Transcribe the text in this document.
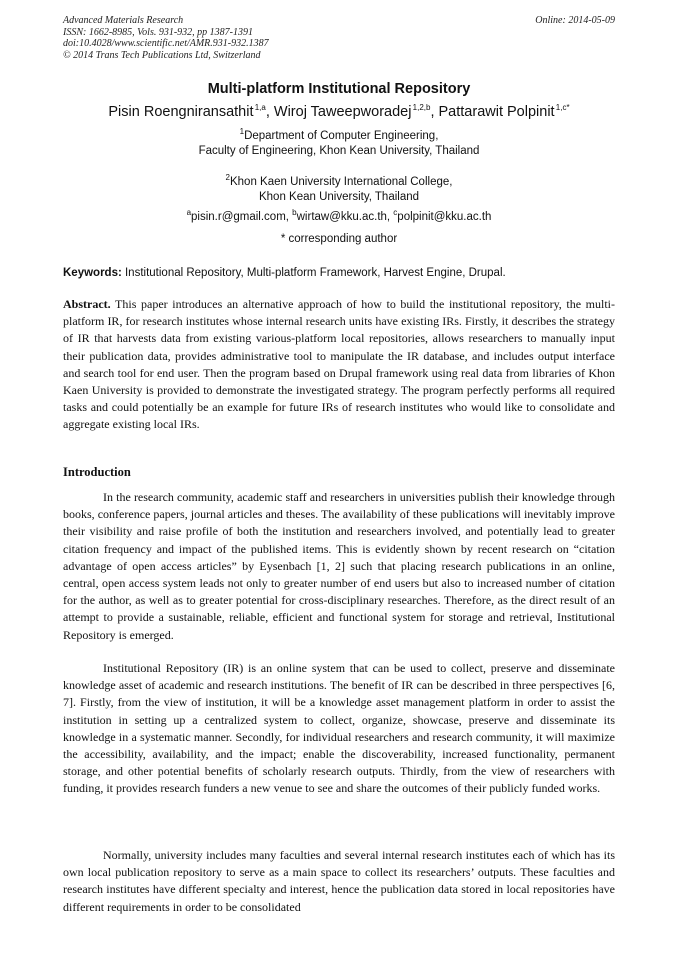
Advanced Materials Research
ISSN: 1662-8985, Vols. 931-932, pp 1387-1391
doi:10.4028/www.scientific.net/AMR.931-932.1387
© 2014 Trans Tech Publications Ltd, Switzerland
Online: 2014-05-09
Multi-platform Institutional Repository
Pisin Roengniransathit $^{1,a}$, Wiroj Taweepworadej $^{1,2,b}$, Pattarawit Polpinit $^{1,c*}$
$^1$Department of Computer Engineering,
Faculty of Engineering, Khon Kean University, Thailand
$^2$Khon Kaen University International College,
Khon Kean University, Thailand
$^a$pisin.r@gmail.com, $^b$wirtaw@kku.ac.th, $^c$polpinit@kku.ac.th
* corresponding author
Keywords: Institutional Repository, Multi-platform Framework, Harvest Engine, Drupal.
Abstract. This paper introduces an alternative approach of how to build the institutional repository, the multi-platform IR, for research institutes whose internal research units have existing IRs. Firstly, it describes the strategy of IR that harvests data from existing various-platform local repositories, allows researchers to manually input their publication data, provides administrative tool to manipulate the IR database, and includes output interface and search tool for end user. Then the program based on Drupal framework using real data from libraries of Khon Kaen University is provided to demonstrate the investigated strategy. The program perfectly performs all required tasks and could potentially be an example for future IRs of research institutes who would like to consolidate and aggregate existing local IRs.
Introduction
In the research community, academic staff and researchers in universities publish their knowledge through books, conference papers, journal articles and theses. The availability of these publications will inevitably improve their visibility and raise profile of both the institution and researchers involved, and potentially lead to greater citation frequency and impact of the published items. This is evidently shown by recent research on “citation advantage of open access articles” by Eysenbach [1, 2] such that placing research publications in an online, central, open access system leads not only to greater number of end users but also to increased number of citation for the author, as well as to greater potential for cross-disciplinary researches. Therefore, as the direct result of an attempt to provide a sustainable, reliable, efficient and functional system for storage and retrieval, Institutional Repository is emerged.
Institutional Repository (IR) is an online system that can be used to collect, preserve and disseminate knowledge asset of academic and research institutions. The benefit of IR can be described in three perspectives [6, 7]. Firstly, from the view of institution, it will be a knowledge asset management platform in order to assist the institution in setting up a centralized system to collect, organize, showcase, preserve and disseminate its knowledge in a systematic manner. Secondly, for individual researchers and research community, it will maximize the accessibility, availability, and the impact; enable the discoverability, increased functionality, permanent storage, and other potential benefits of scholarly research outputs. Thirdly, from the view of researchers with funding, it provides research funders a new venue to see and share the outcomes of their publicly funded works.
Normally, university includes many faculties and several internal research institutes each of which has its own local publication repository to serve as a main space to collect its researchers’ outputs. These faculties and research institutes have different specialty and interest, hence the publication data stored in local repositories have different requirements in order to be consolidated
